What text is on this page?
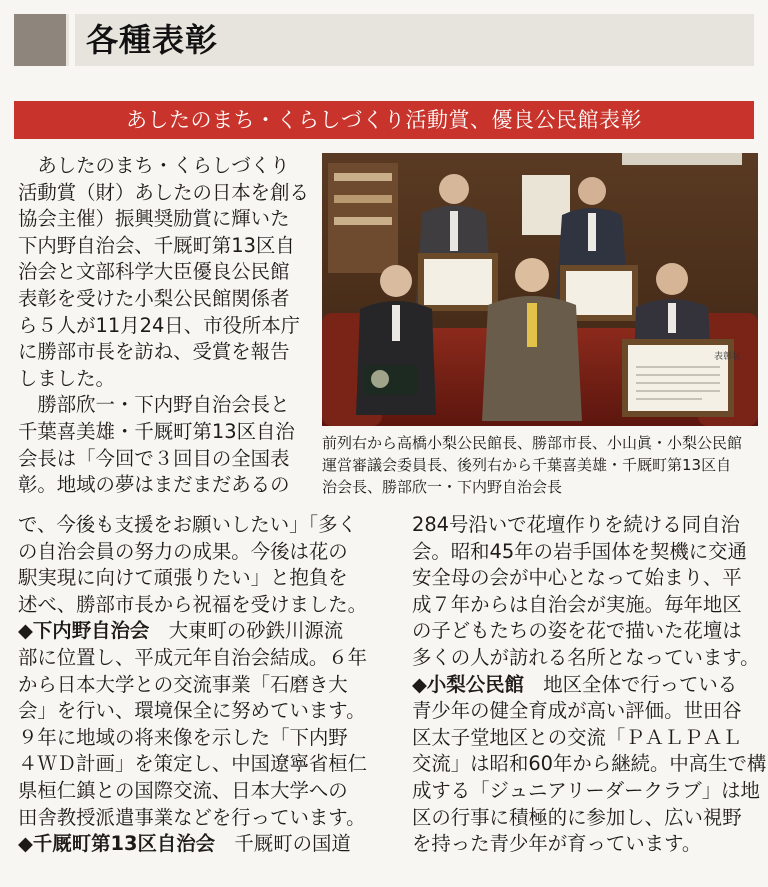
各種表彰
あしたのまち・くらしづくり活動賞、優良公民館表彰
　あしたのまち・くらしづくり
活動賞（財）あしたの日本を創る
協会主催）振興奨励賞に輝いた
下内野自治会、千厩町第13区自
治会と文部科学大臣優良公民館
表彰を受けた小梨公民館関係者
ら５人が11月24日、市役所本庁
に勝部市長を訪ね、受賞を報告
しました。
　勝部欣一・下内野自治会長と
千葉喜美雄・千厩町第13区自治
会長は「今回で３回目の全国表
彰。地域の夢はまだまだあるの
表彰状
前列右から高橋小梨公民館長、勝部市長、小山眞・小梨公民館
運営審議会委員長、後列右から千葉喜美雄・千厩町第13区自
治会長、勝部欣一・下内野自治会長
で、今後も支援をお願いしたい」「多く
の自治会員の努力の成果。今後は花の
駅実現に向けて頑張りたい」と抱負を
述べ、勝部市長から祝福を受けました。
◆下内野自治会　大東町の砂鉄川源流
部に位置し、平成元年自治会結成。６年
から日本大学との交流事業「石磨き大
会」を行い、環境保全に努めています。
９年に地域の将来像を示した「下内野
４ＷＤ計画」を策定し、中国遼寧省桓仁
県桓仁鎮との国際交流、日本大学への
田舎教授派遣事業などを行っています。
◆千厩町第13区自治会　千厩町の国道
284号沿いで花壇作りを続ける同自治
会。昭和45年の岩手国体を契機に交通
安全母の会が中心となって始まり、平
成７年からは自治会が実施。毎年地区
の子どもたちの姿を花で描いた花壇は
多くの人が訪れる名所となっています。
◆小梨公民館　地区全体で行っている
青少年の健全育成が高い評価。世田谷
区太子堂地区との交流「ＰＡＬＰＡＬ
交流」は昭和60年から継続。中高生で構
成する「ジュニアリーダークラブ」は地
区の行事に積極的に参加し、広い視野
を持った青少年が育っています。
